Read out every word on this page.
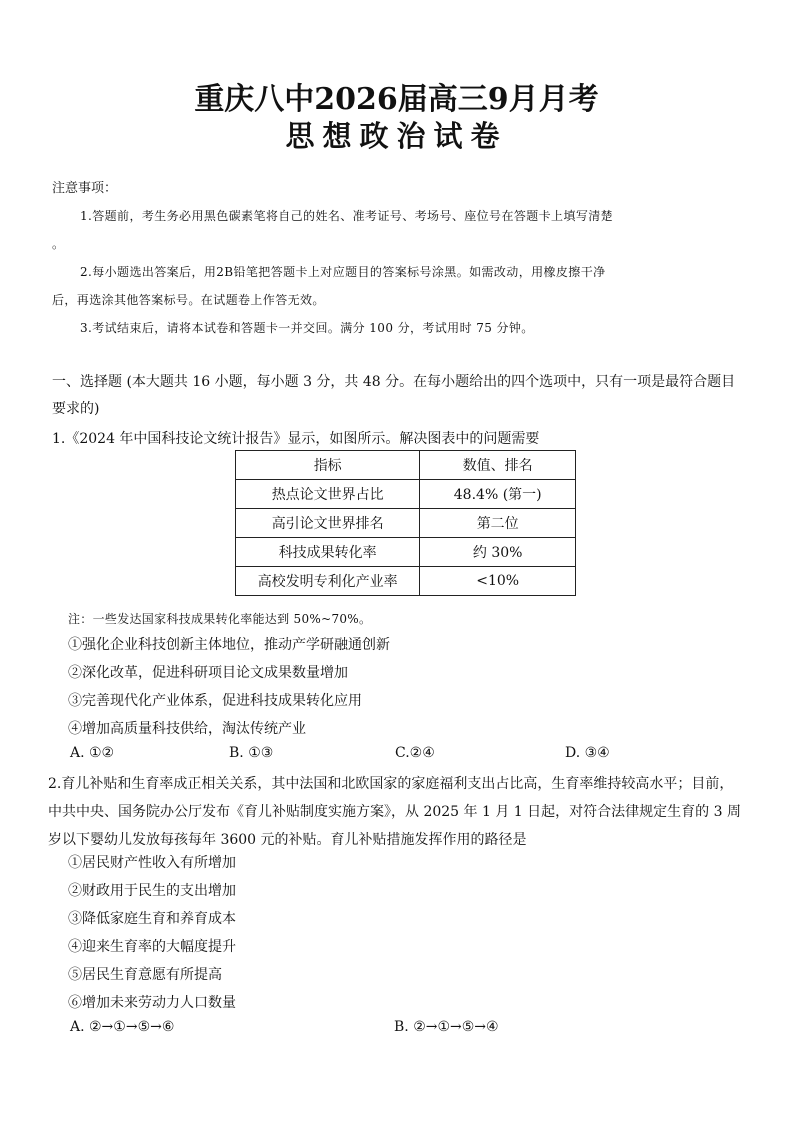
重庆八中2026届高三9月月考
思想政治试卷
注意事项：
1.答题前，考生务必用黑色碳素笔将自己的姓名、准考证号、考场号、座位号在答题卡上填写清楚
。
2.每小题选出答案后，用2B铅笔把答题卡上对应题目的答案标号涂黑。如需改动，用橡皮擦干净
后，再选涂其他答案标号。在试题卷上作答无效。
3.考试结束后，请将本试卷和答题卡一并交回。满分 100 分，考试用时 75 分钟。
一、选择题 (本大题共 16 小题，每小题 3 分，共 48 分。在每小题给出的四个选项中，只有一项是最符合题目要求的)
1.《2024 年中国科技论文统计报告》显示，如图所示。解决图表中的问题需要
指标	数值、排名
热点论文世界占比	48.4% (第一)
高引论文世界排名	第二位
科技成果转化率	约 30%
高校发明专利化产业率	<10%
注：一些发达国家科技成果转化率能达到 50%~70%。
①强化企业科技创新主体地位，推动产学研融通创新
②深化改革，促进科研项目论文成果数量增加
③完善现代化产业体系，促进科技成果转化应用
④增加高质量科技供给，淘汰传统产业
A. ①②	B. ①③	C.②④	D. ③④
2.育儿补贴和生育率成正相关关系，其中法国和北欧国家的家庭福利支出占比高，生育率维持较高水平；目前，中共中央、国务院办公厅发布《育儿补贴制度实施方案》，从 2025 年 1 月 1 日起，对符合法律规定生育的 3 周岁以下婴幼儿发放每孩每年 3600 元的补贴。育儿补贴措施发挥作用的路径是
①居民财产性收入有所增加
②财政用于民生的支出增加
③降低家庭生育和养育成本
④迎来生育率的大幅度提升
⑤居民生育意愿有所提高
⑥增加未来劳动力人口数量
A. ②→①→⑤→⑥	B. ②→①→⑤→④
